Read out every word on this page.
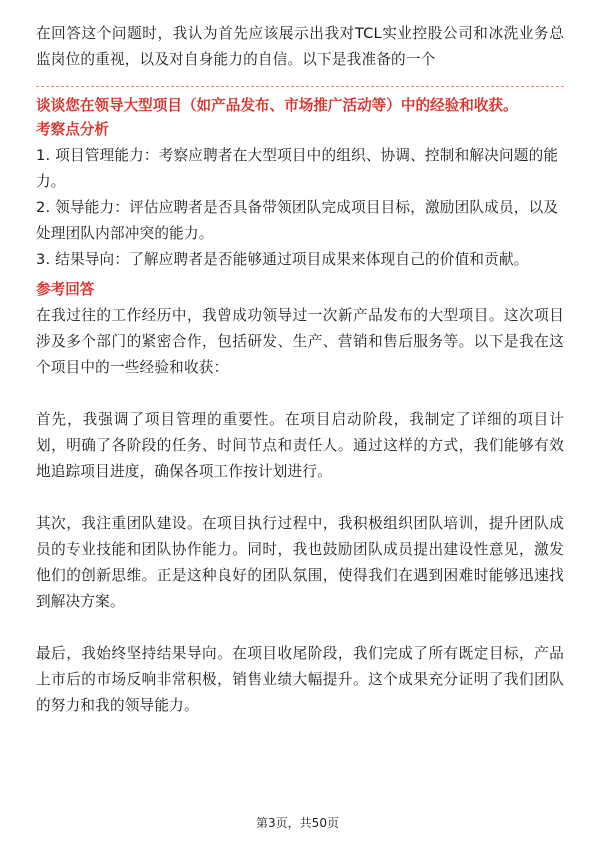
在回答这个问题时，我认为首先应该展示出我对TCL实业控股公司和冰洗业务总监岗位的重视，以及对自身能力的自信。以下是我准备的一个

谈谈您在领导大型项目（如产品发布、市场推广活动等）中的经验和收获。

考察点分析

1. 项目管理能力：考察应聘者在大型项目中的组织、协调、控制和解决问题的能力。

2. 领导能力：评估应聘者是否具备带领团队完成项目目标，激励团队成员，以及处理团队内部冲突的能力。

3. 结果导向：了解应聘者是否能够通过项目成果来体现自己的价值和贡献。

参考回答

在我过往的工作经历中，我曾成功领导过一次新产品发布的大型项目。这次项目涉及多个部门的紧密合作，包括研发、生产、营销和售后服务等。以下是我在这个项目中的一些经验和收获：

首先，我强调了项目管理的重要性。在项目启动阶段，我制定了详细的项目计划，明确了各阶段的任务、时间节点和责任人。通过这样的方式，我们能够有效地追踪项目进度，确保各项工作按计划进行。

其次，我注重团队建设。在项目执行过程中，我积极组织团队培训，提升团队成员的专业技能和团队协作能力。同时，我也鼓励团队成员提出建设性意见，激发他们的创新思维。正是这种良好的团队氛围，使得我们在遇到困难时能够迅速找到解决方案。

最后，我始终坚持结果导向。在项目收尾阶段，我们完成了所有既定目标，产品上市后的市场反响非常积极，销售业绩大幅提升。这个成果充分证明了我们团队的努力和我的领导能力。

第3页，共50页
